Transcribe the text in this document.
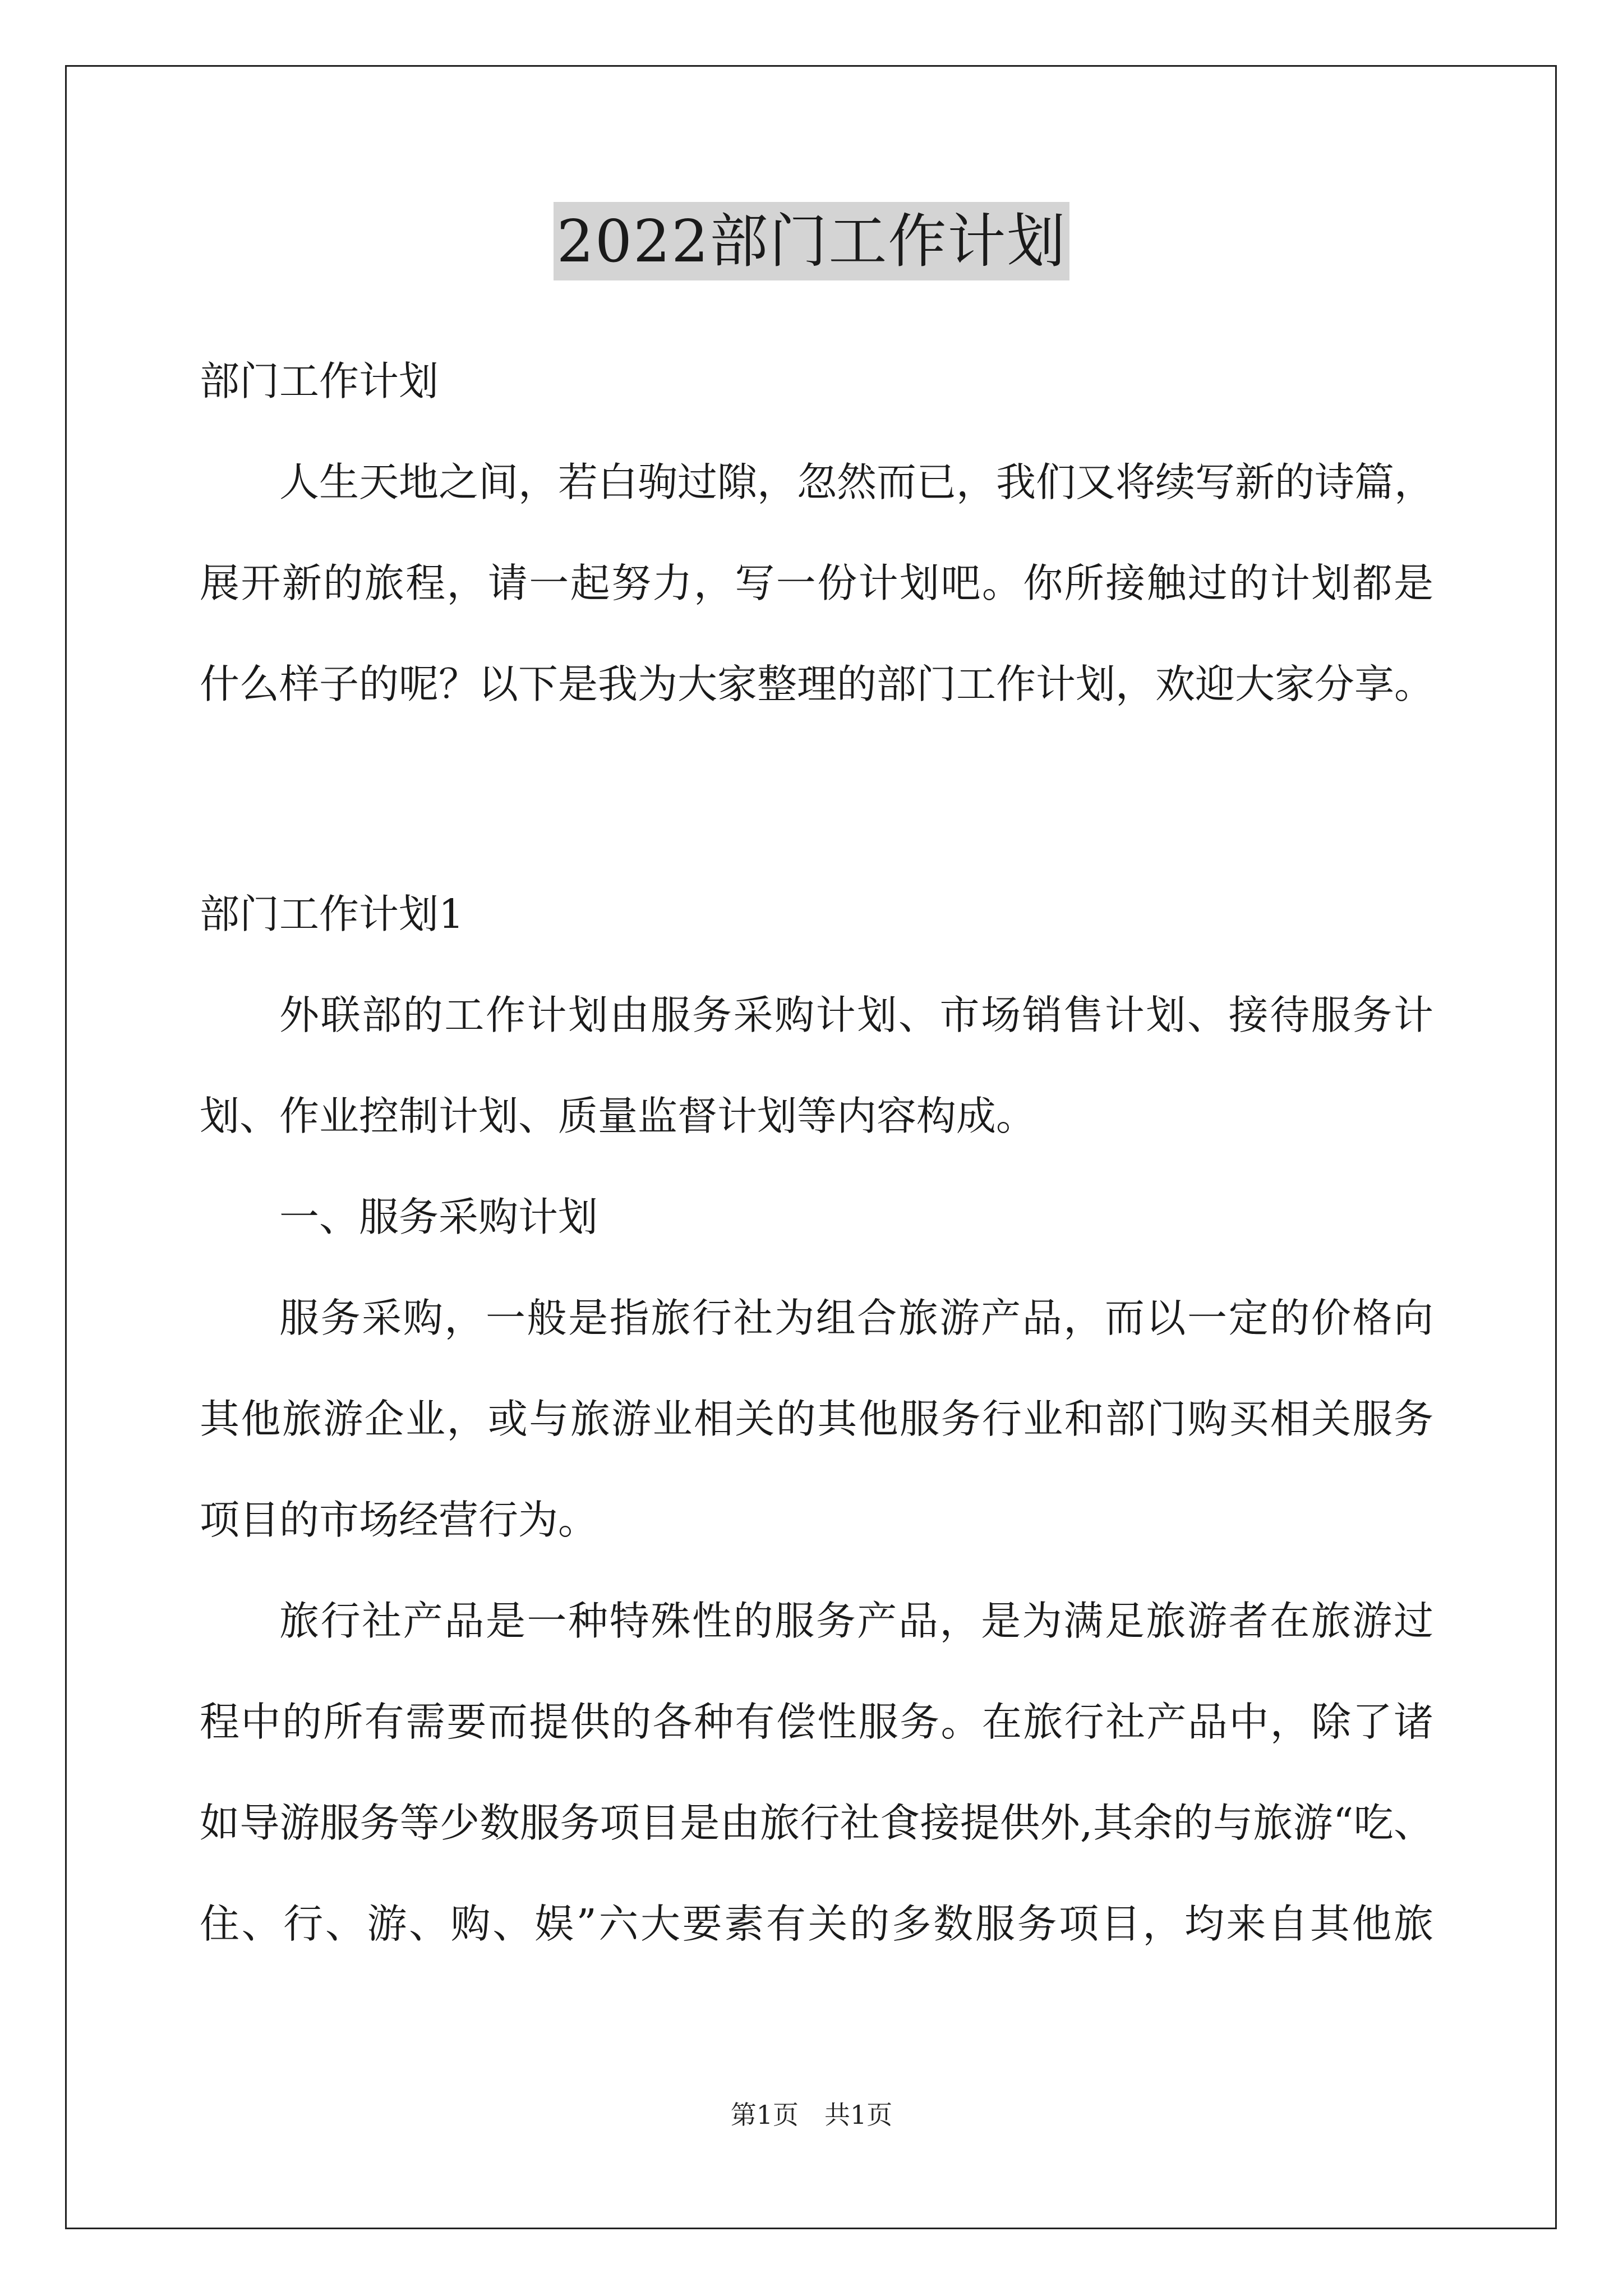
2022部门工作计划
部门工作计划
人生天地之间，若白驹过隙，忽然而已，我们又将续写新的诗篇，
展开新的旅程，请一起努力，写一份计划吧。你所接触过的计划都是
什么样子的呢？以下是我为大家整理的部门工作计划，欢迎大家分享。
部门工作计划1
外联部的工作计划由服务采购计划、市场销售计划、接待服务计
划、作业控制计划、质量监督计划等内容构成。
一、服务采购计划
服务采购，一般是指旅行社为组合旅游产品，而以一定的价格向
其他旅游企业，或与旅游业相关的其他服务行业和部门购买相关服务
项目的市场经营行为。
旅行社产品是一种特殊性的服务产品，是为满足旅游者在旅游过
程中的所有需要而提供的各种有偿性服务。在旅行社产品中，除了诸
如导游服务等少数服务项目是由旅行社食接提供外,其余的与旅游“吃、
住、行、游、购、娱”六大要素有关的多数服务项目，均来自其他旅
第1页　共1页
